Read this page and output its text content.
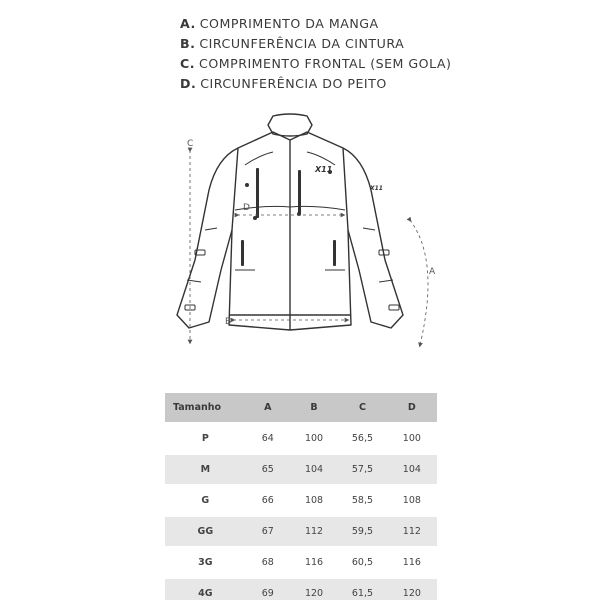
A. COMPRIMENTO DA MANGA
B. CIRCUNFERÊNCIA DA CINTURA
C. COMPRIMENTO FRONTAL (SEM GOLA)
D. CIRCUNFERÊNCIA DO PEITO
X11
X11
C
D
B
A
Tamanho	A	B	C	D
P	64	100	56,5	100
M	65	104	57,5	104
G	66	108	58,5	108
GG	67	112	59,5	112
3G	68	116	60,5	116
4G	69	120	61,5	120
